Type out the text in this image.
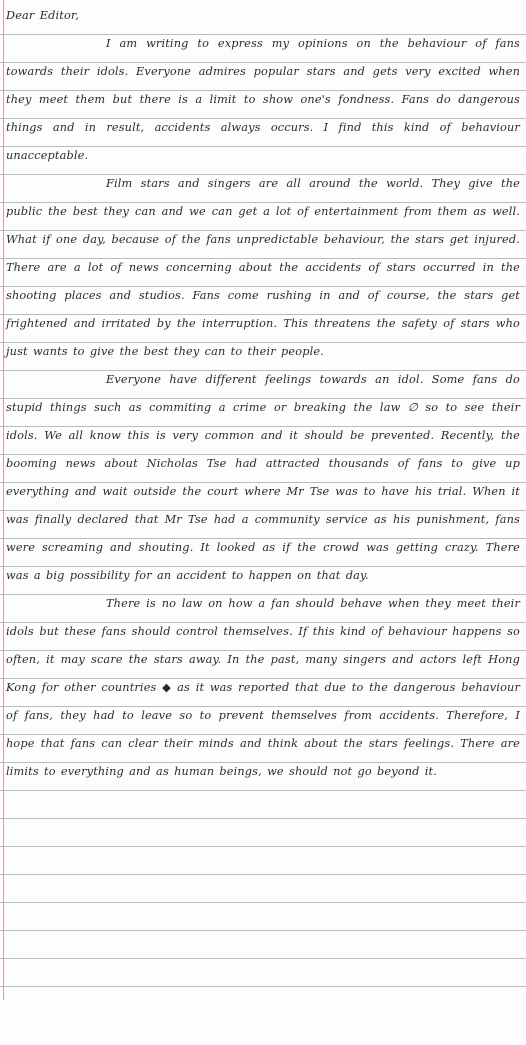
Dear Editor,

I am writing to express my opinions on the behaviour of fans towards their idols. Everyone admires popular stars and gets very excited when they meet them but there is a limit to show one's fondness. Fans do dangerous things and in result, accidents always occurs. I find this kind of behaviour unacceptable.

Film stars and singers are all around the world. They give the public the best they can and we can get a lot of entertainment from them as well. What if one day, because of the fans unpredictable behaviour, the stars get injured. There are a lot of news concerning about the accidents of stars occurred in the shooting places and studios. Fans come rushing in and of course, the stars get frightened and irritated by the interruption. This threatens the safety of stars who just wants to give the best they can to their people.

Everyone have different feelings towards an idol. Some fans do stupid things such as commiting a crime or breaking the law ∅ so to see their idols. We all know this is very common and it should be prevented. Recently, the booming news about Nicholas Tse had attracted thousands of fans to give up everything and wait outside the court where Mr Tse was to have his trial. When it was finally declared that Mr Tse had a community service as his punishment, fans were screaming and shouting. It looked as if the crowd was getting crazy. There was a big possibility for an accident to happen on that day.

There is no law on how a fan should behave when they meet their idols but these fans should control themselves. If this kind of behaviour happens so often, it may scare the stars away. In the past, many singers and actors left Hong Kong for other countries ◆ as it was reported that due to the dangerous behaviour of fans, they had to leave so to prevent themselves from accidents. Therefore, I hope that fans can clear their minds and think about the stars feelings. There are limits to everything and as human beings, we should not go beyond it.
